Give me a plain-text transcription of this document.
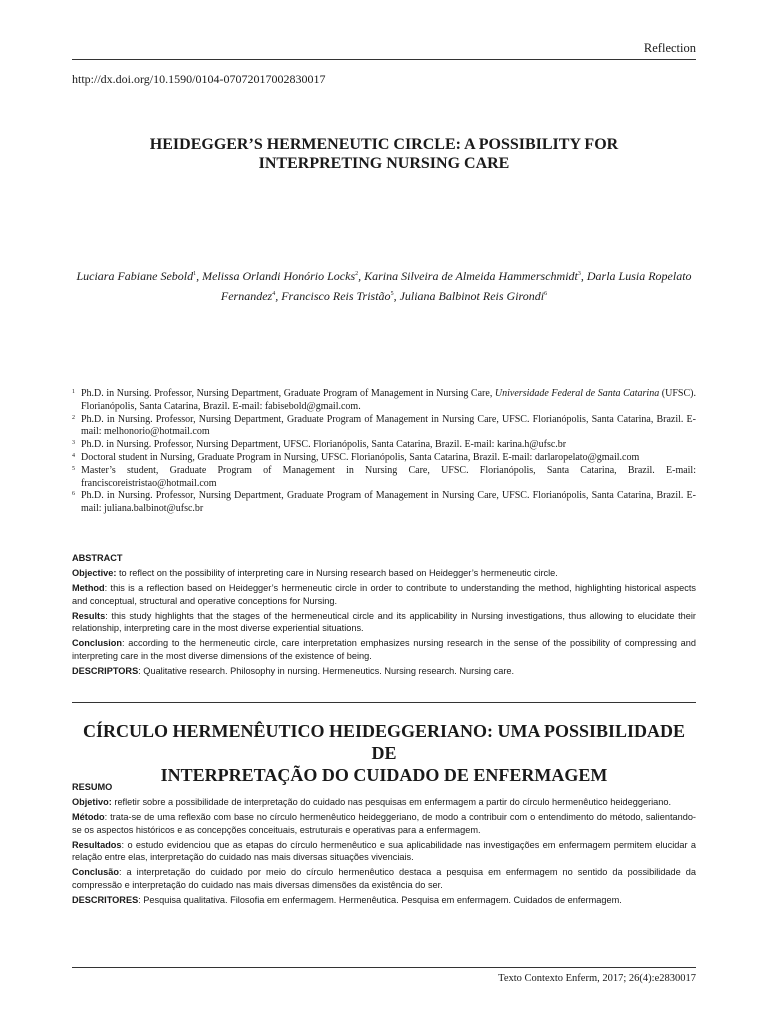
Reflection
http://dx.doi.org/10.1590/0104-07072017002830017
HEIDEGGER’S HERMENEUTIC CIRCLE: A POSSIBILITY FOR
INTERPRETING NURSING CARE
Luciara Fabiane Sebold$^1$, Melissa Orlandi Honório Locks$^2$, Karina Silveira de Almeida Hammerschmidt$^3$, Darla Lusia Ropelato Fernandez$^4$, Francisco Reis Tristão$^5$, Juliana Balbinot Reis Girondi$^6$
1 Ph.D. in Nursing. Professor, Nursing Department, Graduate Program of Management in Nursing Care, Universidade Federal de Santa Catarina (UFSC). Florianópolis, Santa Catarina, Brazil. E-mail: fabisebold@gmail.com.
2 Ph.D. in Nursing. Professor, Nursing Department, Graduate Program of Management in Nursing Care, UFSC. Florianópolis, Santa Catarina, Brazil. E-mail: melhonorio@hotmail.com
3 Ph.D. in Nursing. Professor, Nursing Department, UFSC. Florianópolis, Santa Catarina, Brazil. E-mail: karina.h@ufsc.br
4 Doctoral student in Nursing, Graduate Program in Nursing, UFSC. Florianópolis, Santa Catarina, Brazil. E-mail: darlaropelato@gmail.com
5 Master’s student, Graduate Program of Management in Nursing Care, UFSC. Florianópolis, Santa Catarina, Brazil. E-mail: franciscoreistristao@hotmail.com
6 Ph.D. in Nursing. Professor, Nursing Department, Graduate Program of Management in Nursing Care, UFSC. Florianópolis, Santa Catarina, Brazil. E-mail: juliana.balbinot@ufsc.br

ABSTRACT

Objective: to reflect on the possibility of interpreting care in Nursing research based on Heidegger’s hermeneutic circle.

Method: this is a reflection based on Heidegger’s hermeneutic circle in order to contribute to understanding the method, highlighting historical aspects and conceptual, structural and operative conceptions for Nursing.

Results: this study highlights that the stages of the hermeneutical circle and its applicability in Nursing investigations, thus allowing to elucidate their relationship, interpreting care in the most diverse experiential situations.

Conclusion: according to the hermeneutic circle, care interpretation emphasizes nursing research in the sense of the possibility of compressing and interpreting care in the most diverse dimensions of the existence of being.

DESCRIPTORS: Qualitative research. Philosophy in nursing. Hermeneutics. Nursing research. Nursing care.

CÍRCULO HERMENÊUTICO HEIDEGGERIANO: UMA POSSIBILIDADE DE
INTERPRETAÇÃO DO CUIDADO DE ENFERMAGEM

RESUMO

Objetivo: refletir sobre a possibilidade de interpretação do cuidado nas pesquisas em enfermagem a partir do círculo hermenêutico heideggeriano.

Método: trata-se de uma reflexão com base no círculo hermenêutico heideggeriano, de modo a contribuir com o entendimento do método, salientando-se os aspectos históricos e as concepções conceituais, estruturais e operativas para a enfermagem.

Resultados: o estudo evidenciou que as etapas do círculo hermenêutico e sua aplicabilidade nas investigações em enfermagem permitem elucidar a relação entre elas, interpretação do cuidado nas mais diversas situações vivenciais.

Conclusão: a interpretação do cuidado por meio do círculo hermenêutico destaca a pesquisa em enfermagem no sentido da possibilidade da compressão e interpretação do cuidado nas mais diversas dimensões da existência do ser.

DESCRITORES: Pesquisa qualitativa. Filosofia em enfermagem. Hermenêutica. Pesquisa em enfermagem. Cuidados de enfermagem.

Texto Contexto Enferm, 2017; 26(4):e2830017
